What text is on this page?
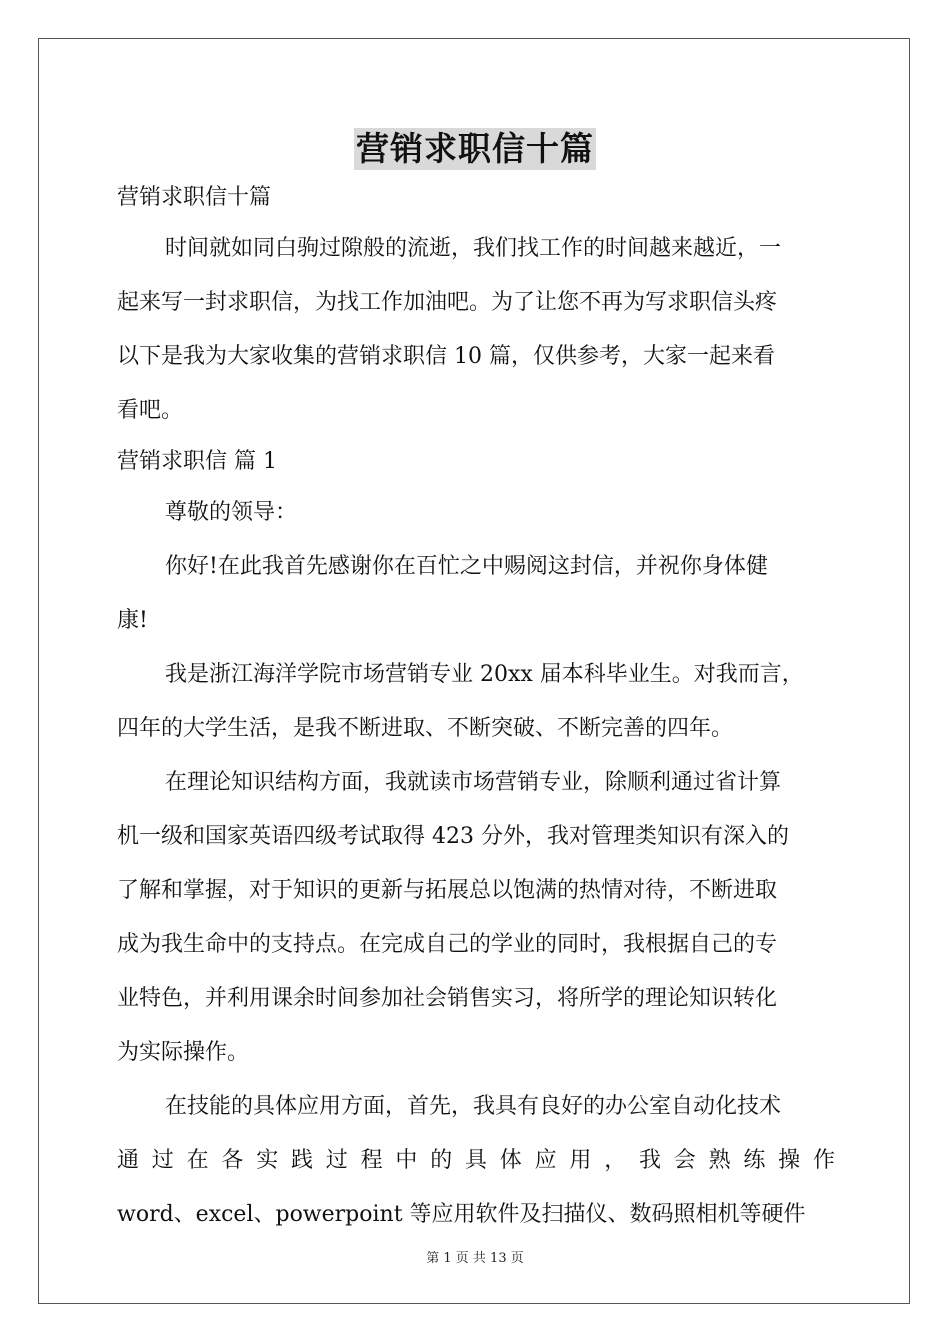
营销求职信十篇
营销求职信十篇
时间就如同白驹过隙般的流逝，我们找工作的时间越来越近，一
起来写一封求职信，为找工作加油吧。为了让您不再为写求职信头疼
以下是我为大家收集的营销求职信 10 篇，仅供参考，大家一起来看
看吧。
营销求职信 篇 1
尊敬的领导：
你好!在此我首先感谢你在百忙之中赐阅这封信，并祝你身体健
康!
我是浙江海洋学院市场营销专业 20xx 届本科毕业生。对我而言，
四年的大学生活，是我不断进取、不断突破、不断完善的四年。
在理论知识结构方面，我就读市场营销专业，除顺利通过省计算
机一级和国家英语四级考试取得 423 分外，我对管理类知识有深入的
了解和掌握，对于知识的更新与拓展总以饱满的热情对待，不断进取
成为我生命中的支持点。在完成自己的学业的同时，我根据自己的专
业特色，并利用课余时间参加社会销售实习，将所学的理论知识转化
为实际操作。
在技能的具体应用方面，首先，我具有良好的办公室自动化技术
通过在各实践过程中的具体应用，我会熟练操作
word、excel、powerpoint 等应用软件及扫描仪、数码照相机等硬件
第 1 页 共 13 页
